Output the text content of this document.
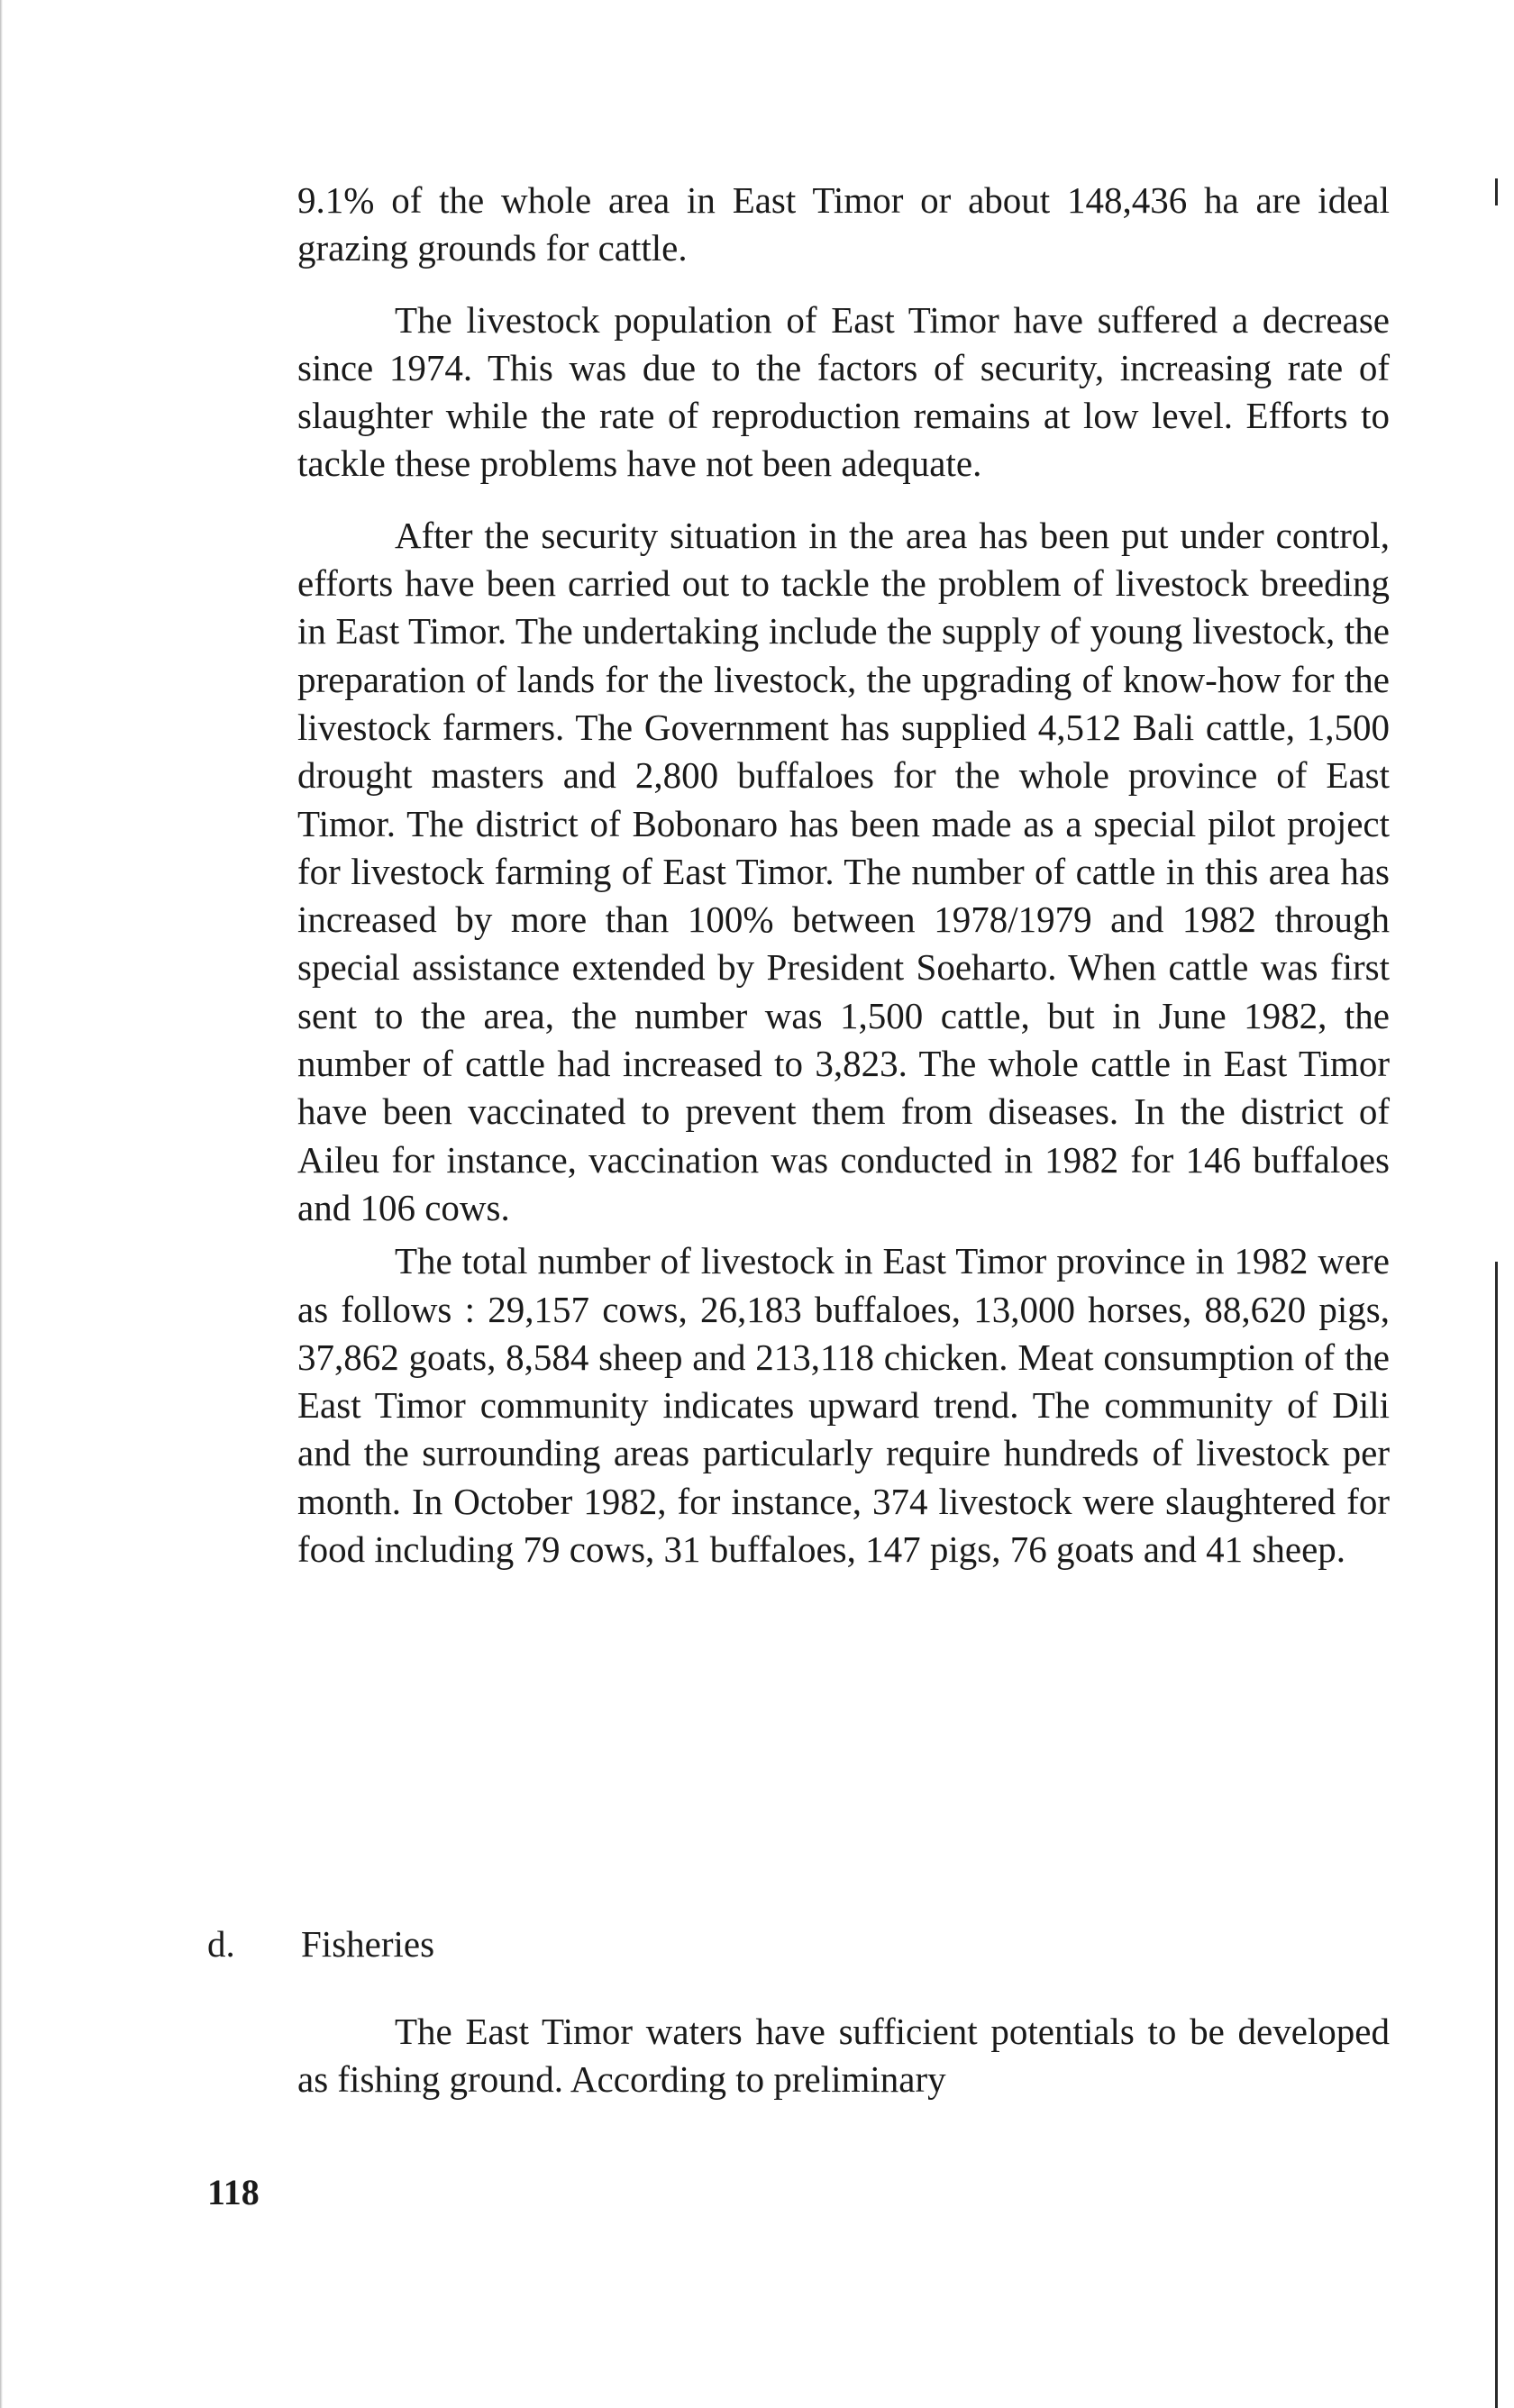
9.1% of the whole area in East Timor or about 148,436 ha are ideal grazing grounds for cattle.

The livestock population of East Timor have suffered a decrease since 1974. This was due to the factors of security, increasing rate of slaughter while the rate of reproduction remains at low level. Efforts to tackle these problems have not been adequate.

After the security situation in the area has been put under control, efforts have been carried out to tackle the problem of livestock breeding in East Timor. The undertaking include the supply of young livestock, the preparation of lands for the livestock, the upgrading of know-how for the livestock farmers. The Government has supplied 4,512 Bali cattle, 1,500 drought masters and 2,800 buffaloes for the whole province of East Timor. The district of Bobonaro has been made as a special pilot project for livestock farming of East Timor. The number of cattle in this area has increased by more than 100% between 1978/1979 and 1982 through special assistance extended by President Soeharto. When cattle was first sent to the area, the number was 1,500 cattle, but in June 1982, the number of cattle had increased to 3,823. The whole cattle in East Timor have been vaccinated to prevent them from diseases. In the district of Aileu for instance, vaccination was conducted in 1982 for 146 buffaloes and 106 cows.

The total number of livestock in East Timor province in 1982 were as follows : 29,157 cows, 26,183 buffaloes, 13,000 horses, 88,620 pigs, 37,862 goats, 8,584 sheep and 213,118 chicken. Meat consumption of the East Timor community indicates upward trend. The community of Dili and the surrounding areas particularly require hundreds of livestock per month. In October 1982, for instance, 374 livestock were slaughtered for food including 79 cows, 31 buffaloes, 147 pigs, 76 goats and 41 sheep.

d. Fisheries

The East Timor waters have sufficient potentials to be developed as fishing ground. According to preliminary

118
